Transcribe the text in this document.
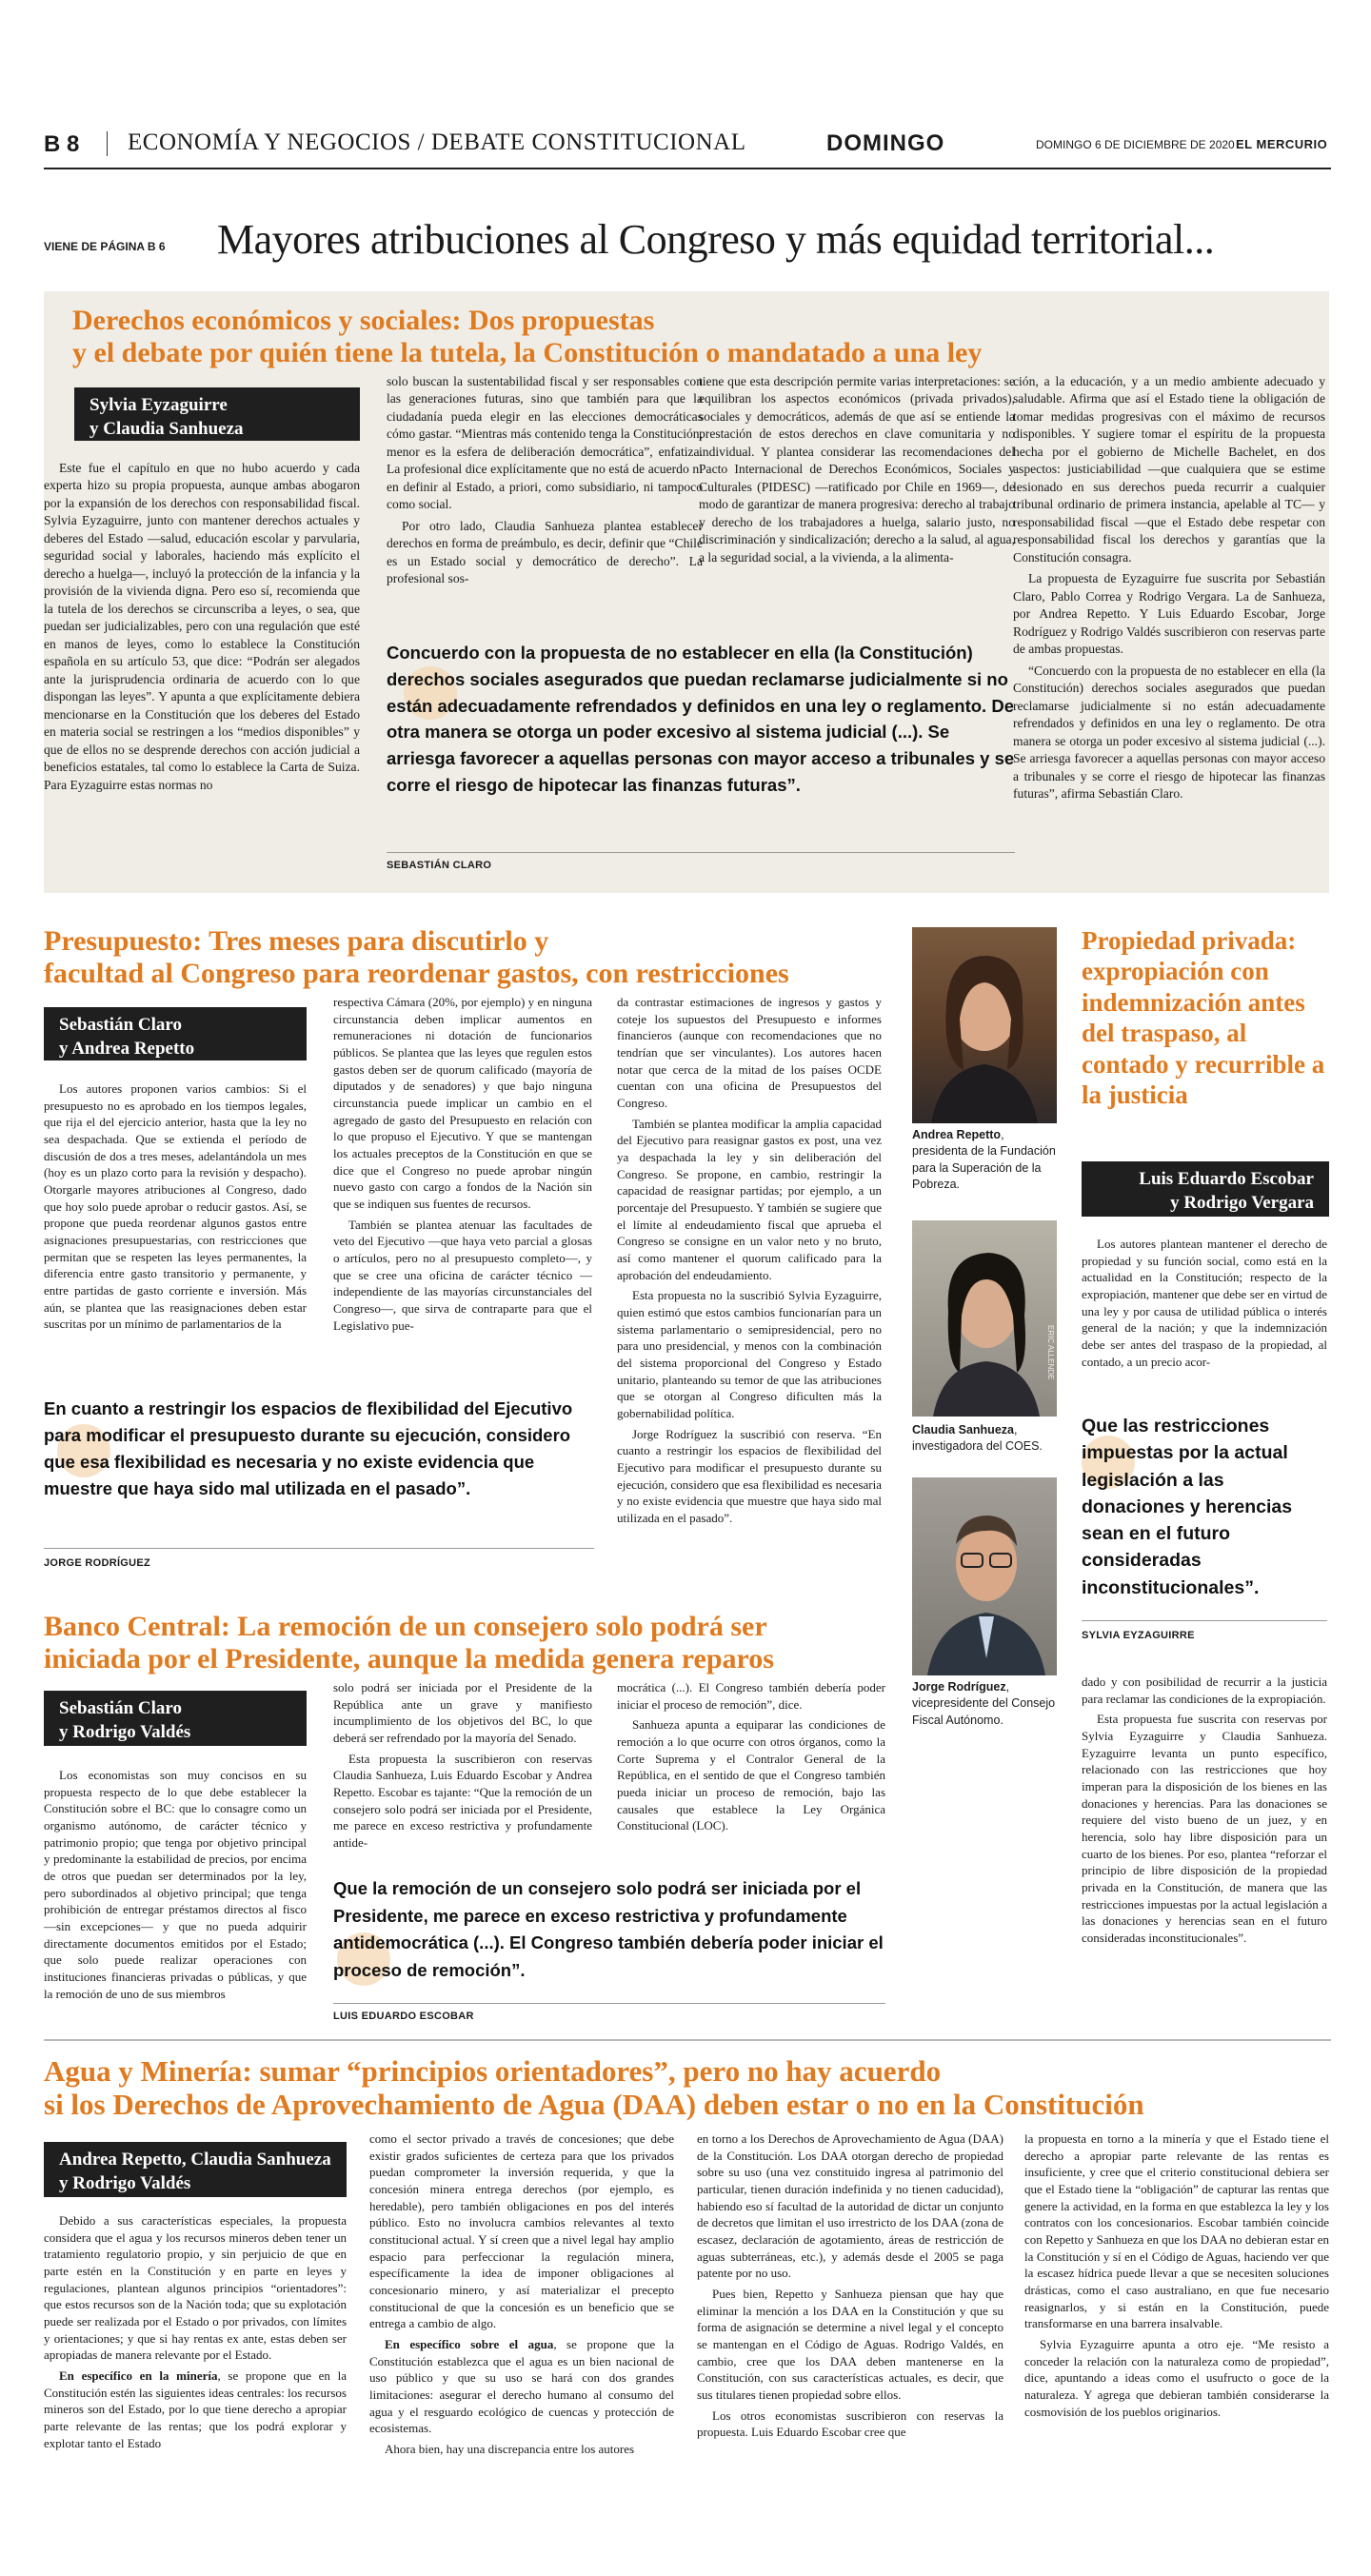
B 8 ECONOMÍA Y NEGOCIOS / DEBATE CONSTITUCIONAL	DOMINGO	DOMINGO 6 DE DICIEMBRE DE 2020 EL MERCURIO
VIENE DE PÁGINA B 6 Mayores atribuciones al Congreso y más equidad territorial...
Derechos económicos y sociales: Dos propuestas
y el debate por quién tiene la tutela, la Constitución o mandatado a una ley
Sylvia Eyzaguirre
y Claudia Sanhueza

Este fue el capítulo en que no hubo acuerdo y cada experta hizo su propia propuesta, aunque ambas abogaron por la expansión de los derechos con responsabilidad fiscal. Sylvia Eyzaguirre, junto con mantener derechos actuales y deberes del Estado —salud, educación escolar y parvularia, seguridad social y laborales, haciendo más explícito el derecho a huelga—, incluyó la protección de la infancia y la provisión de la vivienda digna. Pero eso sí, recomienda que la tutela de los derechos se circunscriba a leyes, o sea, que puedan ser judicializables, pero con una regulación que esté en manos de leyes, como lo establece la Constitución española en su artículo 53, que dice: “Podrán ser alegados ante la jurisprudencia ordinaria de acuerdo con lo que dispongan las leyes”. Y apunta a que explícitamente debiera mencionarse en la Constitución que los deberes del Estado en materia social se restringen a los “medios disponibles” y que de ellos no se desprende derechos con acción judicial a beneficios estatales, tal como lo establece la Carta de Suiza. Para Eyzaguirre estas normas no

solo buscan la sustentabilidad fiscal y ser responsables con las generaciones futuras, sino que también para que la ciudadanía pueda elegir en las elecciones democráticas cómo gastar. “Mientras más contenido tenga la Constitución, menor es la esfera de deliberación democrática”, enfatiza. La profesional dice explícitamente que no está de acuerdo ni en definir al Estado, a priori, como subsidiario, ni tampoco como social.

Por otro lado, Claudia Sanhueza plantea establecer derechos en forma de preámbulo, es decir, definir que “Chile es un Estado social y democrático de derecho”. La profesional sos-

tiene que esta descripción permite varias interpretaciones: se equilibran los aspectos económicos (privada privados), sociales y democráticos, además de que así se entiende la prestación de estos derechos en clave comunitaria y no individual. Y plantea considerar las recomendaciones del Pacto Internacional de Derechos Económicos, Sociales y Culturales (PIDESC) —ratificado por Chile en 1969—, de modo de garantizar de manera progresiva: derecho al trabajo y derecho de los trabajadores a huelga, salario justo, no discriminación y sindicalización; derecho a la salud, al agua, a la seguridad social, a la vivienda, a la alimenta-

ción, a la educación, y a un medio ambiente adecuado y saludable. Afirma que así el Estado tiene la obligación de tomar medidas progresivas con el máximo de recursos disponibles. Y sugiere tomar el espíritu de la propuesta hecha por el gobierno de Michelle Bachelet, en dos aspectos: justiciabilidad —que cualquiera que se estime lesionado en sus derechos pueda recurrir a cualquier tribunal ordinario de primera instancia, apelable al TC— y responsabilidad fiscal —que el Estado debe respetar con responsabilidad fiscal los derechos y garantías que la Constitución consagra.

La propuesta de Eyzaguirre fue suscrita por Sebastián Claro, Pablo Correa y Rodrigo Vergara. La de Sanhueza, por Andrea Repetto. Y Luis Eduardo Escobar, Jorge Rodríguez y Rodrigo Valdés suscribieron con reservas parte de ambas propuestas.

“Concuerdo con la propuesta de no establecer en ella (la Constitución) derechos sociales asegurados que puedan reclamarse judicialmente si no están adecuadamente refrendados y definidos en una ley o reglamento. De otra manera se otorga un poder excesivo al sistema judicial (...). Se arriesga favorecer a aquellas personas con mayor acceso a tribunales y se corre el riesgo de hipotecar las finanzas futuras”, afirma Sebastián Claro.

Concuerdo con la propuesta de no establecer en ella (la Constitución) derechos sociales asegurados que puedan reclamarse judicialmente si no están adecuadamente refrendados y definidos en una ley o reglamento. De otra manera se otorga un poder excesivo al sistema judicial (...). Se arriesga favorecer a aquellas personas con mayor acceso a tribunales y se corre el riesgo de hipotecar las finanzas futuras”.

SEBASTIÁN CLARO
Presupuesto: Tres meses para discutirlo y
facultad al Congreso para reordenar gastos, con restricciones
Sebastián Claro
y Andrea Repetto

Los autores proponen varios cambios: Si el presupuesto no es aprobado en los tiempos legales, que rija el del ejercicio anterior, hasta que la ley no sea despachada. Que se extienda el período de discusión de dos a tres meses, adelantándola un mes (hoy es un plazo corto para la revisión y despacho). Otorgarle mayores atribuciones al Congreso, dado que hoy solo puede aprobar o reducir gastos. Así, se propone que pueda reordenar algunos gastos entre asignaciones presupuestarias, con restricciones que permitan que se respeten las leyes permanentes, la diferencia entre gasto transitorio y permanente, y entre partidas de gasto corriente e inversión. Más aún, se plantea que las reasignaciones deben estar suscritas por un mínimo de parlamentarios de la

respectiva Cámara (20%, por ejemplo) y en ninguna circunstancia deben implicar aumentos en remuneraciones ni dotación de funcionarios públicos. Se plantea que las leyes que regulen estos gastos deben ser de quorum calificado (mayoría de diputados y de senadores) y que bajo ninguna circunstancia puede implicar un cambio en el agregado de gasto del Presupuesto en relación con lo que propuso el Ejecutivo. Y que se mantengan los actuales preceptos de la Constitución en que se dice que el Congreso no puede aprobar ningún nuevo gasto con cargo a fondos de la Nación sin que se indiquen sus fuentes de recursos.

También se plantea atenuar las facultades de veto del Ejecutivo —que haya veto parcial a glosas o artículos, pero no al presupuesto completo—, y que se cree una oficina de carácter técnico —independiente de las mayorías circunstanciales del Congreso—, que sirva de contraparte para que el Legislativo pue-

da contrastar estimaciones de ingresos y gastos y coteje los supuestos del Presupuesto e informes financieros (aunque con recomendaciones que no tendrían que ser vinculantes). Los autores hacen notar que cerca de la mitad de los países OCDE cuentan con una oficina de Presupuestos del Congreso.

También se plantea modificar la amplia capacidad del Ejecutivo para reasignar gastos ex post, una vez ya despachada la ley y sin deliberación del Congreso. Se propone, en cambio, restringir la capacidad de reasignar partidas; por ejemplo, a un porcentaje del Presupuesto. Y también se sugiere que el límite al endeudamiento fiscal que aprueba el Congreso se consigne en un valor neto y no bruto, así como mantener el quorum calificado para la aprobación del endeudamiento.

Esta propuesta no la suscribió Sylvia Eyzaguirre, quien estimó que estos cambios funcionarían para un sistema parlamentario o semipresidencial, pero no para uno presidencial, y menos con la combinación del sistema proporcional del Congreso y Estado unitario, planteando su temor de que las atribuciones que se otorgan al Congreso dificulten más la gobernabilidad política.

Jorge Rodríguez la suscribió con reserva. “En cuanto a restringir los espacios de flexibilidad del Ejecutivo para modificar el presupuesto durante su ejecución, considero que esa flexibilidad es necesaria y no existe evidencia que muestre que haya sido mal utilizada en el pasado”.

En cuanto a restringir los espacios de flexibilidad del Ejecutivo para modificar el presupuesto durante su ejecución, considero que esa flexibilidad es necesaria y no existe evidencia que muestre que haya sido mal utilizada en el pasado”.

JORGE RODRÍGUEZ
Andrea Repetto, presidenta de la Fundación para la Superación de la Pobreza.
ERIC ALLENDE
Claudia Sanhueza, investigadora del COES.
Jorge Rodríguez, vicepresidente del Consejo Fiscal Autónomo.
Propiedad privada: expropiación con indemnización antes del traspaso, al contado y recurrible a la justicia
Luis Eduardo Escobar
y Rodrigo Vergara

Los autores plantean mantener el derecho de propiedad y su función social, como está en la actualidad en la Constitución; respecto de la expropiación, mantener que debe ser en virtud de una ley y por causa de utilidad pública o interés general de la nación; y que la indemnización debe ser antes del traspaso de la propiedad, al contado, a un precio acor-

Que las restricciones impuestas por la actual legislación a las donaciones y herencias sean en el futuro consideradas inconstitucionales”.

SYLVIA EYZAGUIRRE

dado y con posibilidad de recurrir a la justicia para reclamar las condiciones de la expropiación.

Esta propuesta fue suscrita con reservas por Sylvia Eyzaguirre y Claudia Sanhueza. Eyzaguirre levanta un punto específico, relacionado con las restricciones que hoy imperan para la disposición de los bienes en las donaciones y herencias. Para las donaciones se requiere del visto bueno de un juez, y en herencia, solo hay libre disposición para un cuarto de los bienes. Por eso, plantea “reforzar el principio de libre disposición de la propiedad privada en la Constitución, de manera que las restricciones impuestas por la actual legislación a las donaciones y herencias sean en el futuro consideradas inconstitucionales”.

Banco Central: La remoción de un consejero solo podrá ser
iniciada por el Presidente, aunque la medida genera reparos
Sebastián Claro
y Rodrigo Valdés

Los economistas son muy concisos en su propuesta respecto de lo que debe establecer la Constitución sobre el BC: que lo consagre como un organismo autónomo, de carácter técnico y patrimonio propio; que tenga por objetivo principal y predominante la estabilidad de precios, por encima de otros que puedan ser determinados por la ley, pero subordinados al objetivo principal; que tenga prohibición de entregar préstamos directos al fisco —sin excepciones— y que no pueda adquirir directamente documentos emitidos por el Estado; que solo puede realizar operaciones con instituciones financieras privadas o públicas, y que la remoción de uno de sus miembros

solo podrá ser iniciada por el Presidente de la República ante un grave y manifiesto incumplimiento de los objetivos del BC, lo que deberá ser refrendado por la mayoría del Senado.

Esta propuesta la suscribieron con reservas Claudia Sanhueza, Luis Eduardo Escobar y Andrea Repetto. Escobar es tajante: “Que la remoción de un consejero solo podrá ser iniciada por el Presidente, me parece en exceso restrictiva y profundamente antide-

mocrática (...). El Congreso también debería poder iniciar el proceso de remoción”, dice.

Sanhueza apunta a equiparar las condiciones de remoción a lo que ocurre con otros órganos, como la Corte Suprema y el Contralor General de la República, en el sentido de que el Congreso también pueda iniciar un proceso de remoción, bajo las causales que establece la Ley Orgánica Constitucional (LOC).

Que la remoción de un consejero solo podrá ser iniciada por el Presidente, me parece en exceso restrictiva y profundamente antidemocrática (...). El Congreso también debería poder iniciar el proceso de remoción”.

LUIS EDUARDO ESCOBAR
Agua y Minería: sumar “principios orientadores”, pero no hay acuerdo
si los Derechos de Aprovechamiento de Agua (DAA) deben estar o no en la Constitución
Andrea Repetto, Claudia Sanhueza
y Rodrigo Valdés

Debido a sus características especiales, la propuesta considera que el agua y los recursos mineros deben tener un tratamiento regulatorio propio, y sin perjuicio de que en parte estén en la Constitución y en parte en leyes y regulaciones, plantean algunos principios “orientadores”: que estos recursos son de la Nación toda; que su explotación puede ser realizada por el Estado o por privados, con límites y orientaciones; y que si hay rentas ex ante, estas deben ser apropiadas de manera relevante por el Estado.

En específico en la minería, se propone que en la Constitución estén las siguientes ideas centrales: los recursos mineros son del Estado, por lo que tiene derecho a apropiar parte relevante de las rentas; que los podrá explorar y explotar tanto el Estado

como el sector privado a través de concesiones; que debe existir grados suficientes de certeza para que los privados puedan comprometer la inversión requerida, y que la concesión minera entrega derechos (por ejemplo, es heredable), pero también obligaciones en pos del interés público. Esto no involucra cambios relevantes al texto constitucional actual. Y sí creen que a nivel legal hay amplio espacio para perfeccionar la regulación minera, específicamente la idea de imponer obligaciones al concesionario minero, y así materializar el precepto constitucional de que la concesión es un beneficio que se entrega a cambio de algo.

En específico sobre el agua, se propone que la Constitución establezca que el agua es un bien nacional de uso público y que su uso se hará con dos grandes limitaciones: asegurar el derecho humano al consumo del agua y el resguardo ecológico de cuencas y protección de ecosistemas.

Ahora bien, hay una discrepancia entre los autores

en torno a los Derechos de Aprovechamiento de Agua (DAA) de la Constitución. Los DAA otorgan derecho de propiedad sobre su uso (una vez constituido ingresa al patrimonio del particular, tienen duración indefinida y no tienen caducidad), habiendo eso sí facultad de la autoridad de dictar un conjunto de decretos que limitan el uso irrestricto de los DAA (zona de escasez, declaración de agotamiento, áreas de restricción de aguas subterráneas, etc.), y además desde el 2005 se paga patente por no uso.

Pues bien, Repetto y Sanhueza piensan que hay que eliminar la mención a los DAA en la Constitución y que su forma de asignación se determine a nivel legal y el concepto se mantengan en el Código de Aguas. Rodrigo Valdés, en cambio, cree que los DAA deben mantenerse en la Constitución, con sus características actuales, es decir, que sus titulares tienen propiedad sobre ellos.

Los otros economistas suscribieron con reservas la propuesta. Luis Eduardo Escobar cree que

la propuesta en torno a la minería y que el Estado tiene el derecho a apropiar parte relevante de las rentas es insuficiente, y cree que el criterio constitucional debiera ser que el Estado tiene la “obligación” de capturar las rentas que genere la actividad, en la forma en que establezca la ley y los contratos con los concesionarios. Escobar también coincide con Repetto y Sanhueza en que los DAA no debieran estar en la Constitución y sí en el Código de Aguas, haciendo ver que la escasez hídrica puede llevar a que se necesiten soluciones drásticas, como el caso australiano, en que fue necesario reasignarlos, y si están en la Constitución, puede transformarse en una barrera insalvable.

Sylvia Eyzaguirre apunta a otro eje. “Me resisto a conceder la relación con la naturaleza como de propiedad”, dice, apuntando a ideas como el usufructo o goce de la naturaleza. Y agrega que debieran también considerarse la cosmovisión de los pueblos originarios.
